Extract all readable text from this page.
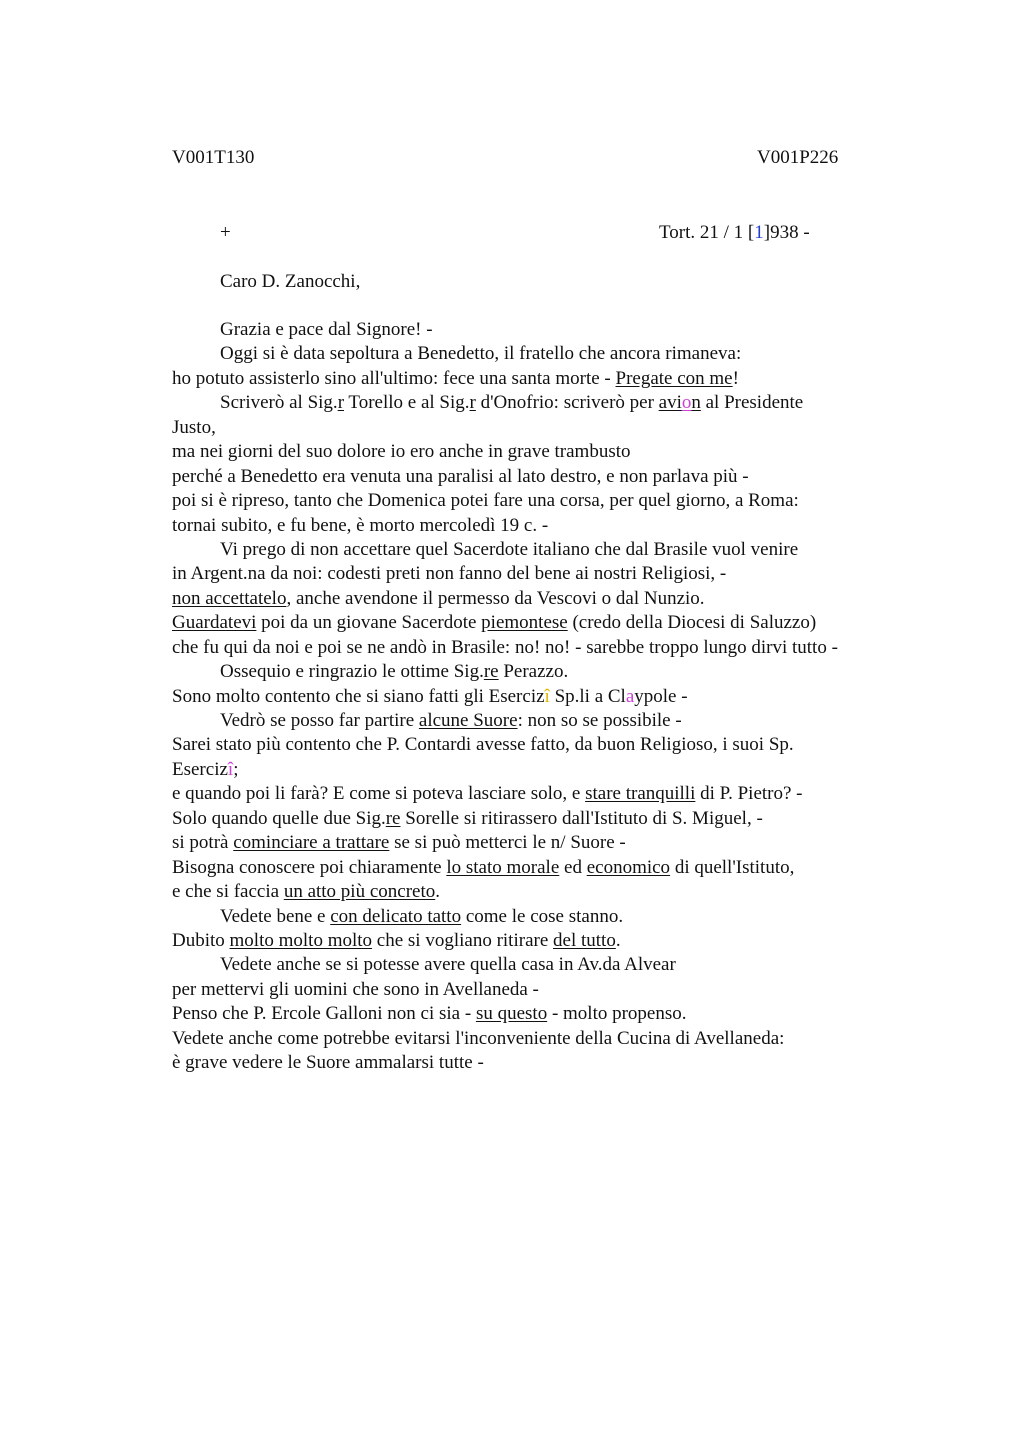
V001T130	V001P226
+	Tort. 21 / 1 [1]938 -
Caro D. Zanocchi,
Grazia e pace dal Signore! -
Oggi si è data sepoltura a Benedetto, il fratello che ancora rimaneva:
ho potuto assisterlo sino all'ultimo: fece una santa morte - Pregate con me!
Scriverò al Sig.r Torello e al Sig.r d'Onofrio: scriverò per avion al Presidente
Justo,
ma nei giorni del suo dolore io ero anche in grave trambusto
perché a Benedetto era venuta una paralisi al lato destro, e non parlava più -
poi si è ripreso, tanto che Domenica potei fare una corsa, per quel giorno, a Roma:
tornai subito, e fu bene, è morto mercoledì 19 c. -
Vi prego di non accettare quel Sacerdote italiano che dal Brasile vuol venire
in Argent.na da noi: codesti preti non fanno del bene ai nostri Religiosi, -
non accettatelo, anche avendone il permesso da Vescovi o dal Nunzio.
Guardatevi poi da un giovane Sacerdote piemontese (credo della Diocesi di Saluzzo)
che fu qui da noi e poi se ne andò in Brasile: no! no! - sarebbe troppo lungo dirvi tutto -
Ossequio e ringrazio le ottime Sig.re Perazzo.
Sono molto contento che si siano fatti gli Esercizî Sp.li a Claypole -
Vedrò se posso far partire alcune Suore: non so se possibile -
Sarei stato più contento che P. Contardi avesse fatto, da buon Religioso, i suoi Sp.
Esercizî;
e quando poi li farà? E come si poteva lasciare solo, e stare tranquilli di P. Pietro? -
Solo quando quelle due Sig.re Sorelle si ritirassero dall'Istituto di S. Miguel, -
si potrà cominciare a trattare se si può metterci le n/ Suore -
Bisogna conoscere poi chiaramente lo stato morale ed economico di quell'Istituto,
e che si faccia un atto più concreto.
Vedete bene e con delicato tatto come le cose stanno.
Dubito molto molto molto che si vogliano ritirare del tutto.
Vedete anche se si potesse avere quella casa in Av.da Alvear
per mettervi gli uomini che sono in Avellaneda -
Penso che P. Ercole Galloni non ci sia - su questo - molto propenso.
Vedete anche come potrebbe evitarsi l'inconveniente della Cucina di Avellaneda:
è grave vedere le Suore ammalarsi tutte -
